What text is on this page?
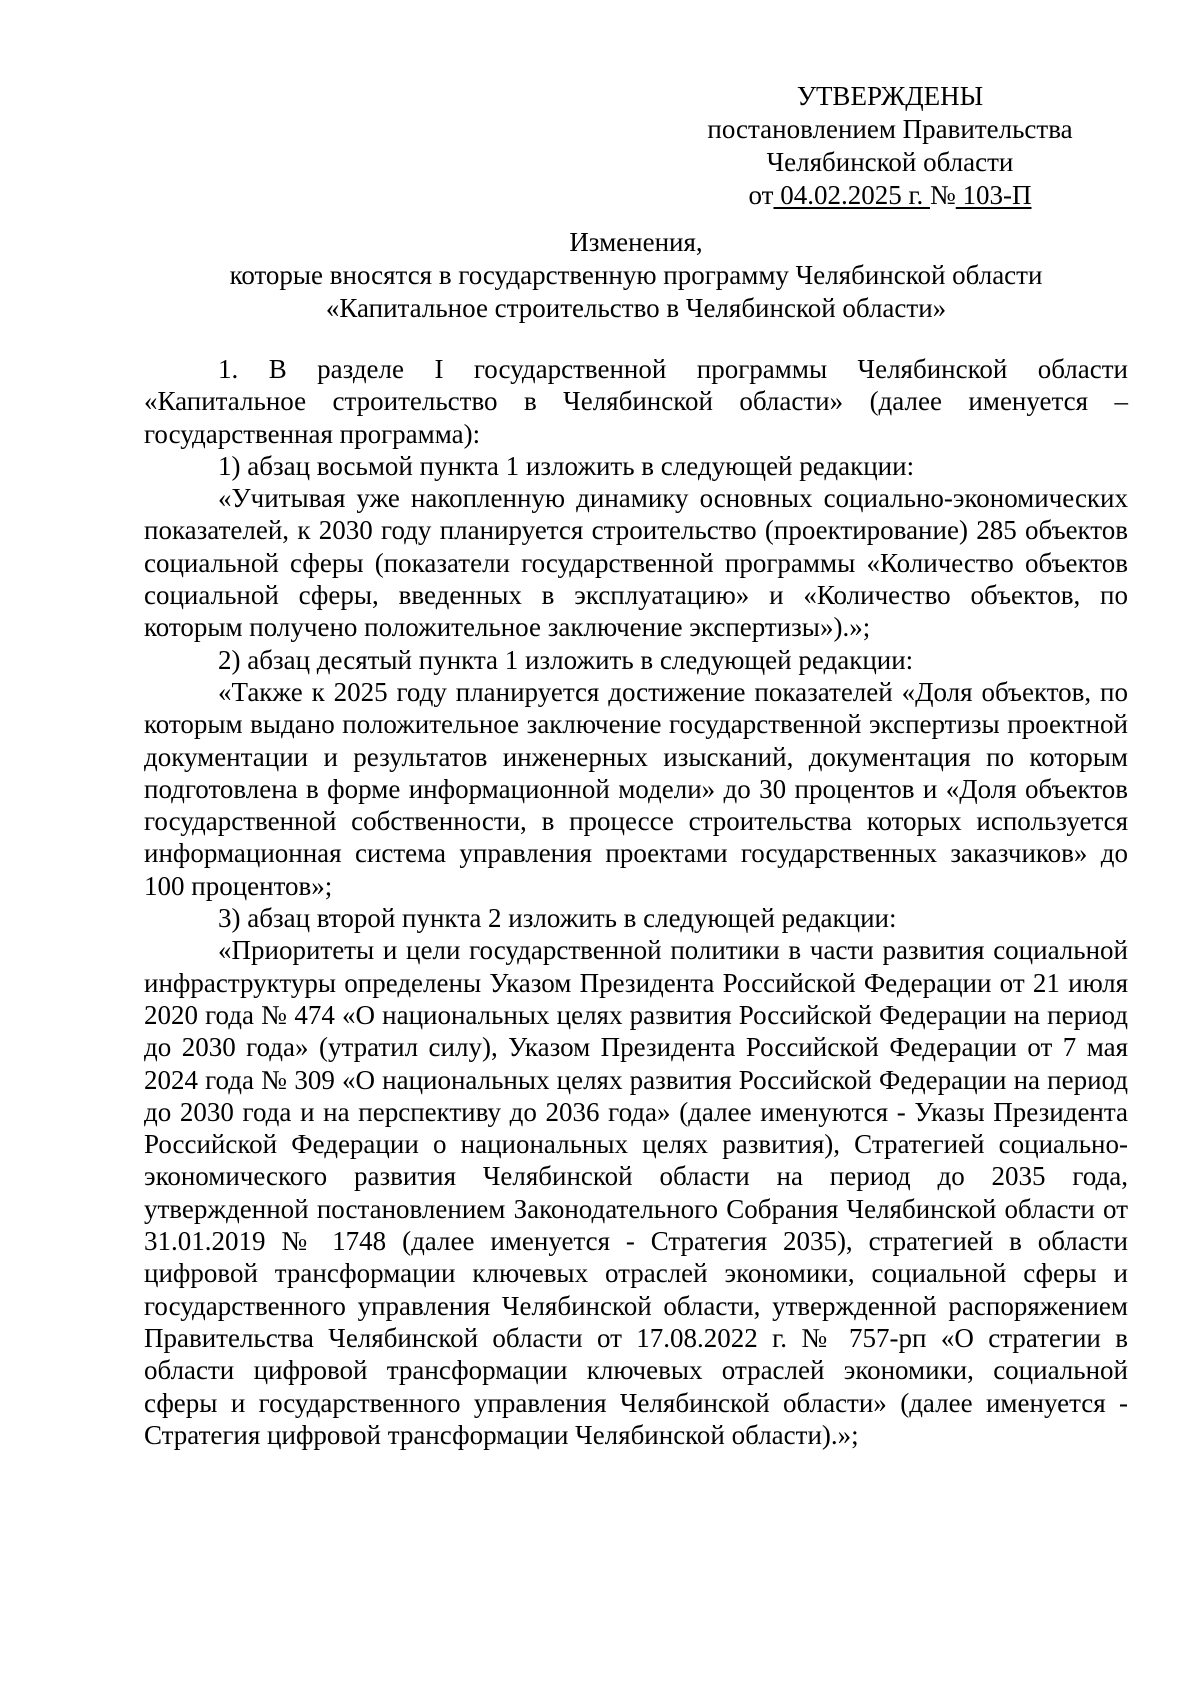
УТВЕРЖДЕНЫ
постановлением Правительства
Челябинской области
от 04.02.2025 г. № 103-П
Изменения,
которые вносятся в государственную программу Челябинской области
«Капитальное строительство в Челябинской области»

1. В разделе I государственной программы Челябинской области «Капитальное строительство в Челябинской области» (далее именуется – государственная программа):

1) абзац восьмой пункта 1 изложить в следующей редакции:

«Учитывая уже накопленную динамику основных социально-экономических показателей, к 2030 году планируется строительство (проектирование) 285 объектов социальной сферы (показатели государственной программы «Количество объектов социальной сферы, введенных в эксплуатацию» и «Количество объектов, по которым получено положительное заключение экспертизы»).»;

2) абзац десятый пункта 1 изложить в следующей редакции:

«Также к 2025 году планируется достижение показателей «Доля объектов, по которым выдано положительное заключение государственной экспертизы проектной документации и результатов инженерных изысканий, документация по которым подготовлена в форме информационной модели» до 30 процентов и «Доля объектов государственной собственности, в процессе строительства которых используется информационная система управления проектами государственных заказчиков» до 100 процентов»;

3) абзац второй пункта 2 изложить в следующей редакции:

«Приоритеты и цели государственной политики в части развития социальной инфраструктуры определены Указом Президента Российской Федерации от 21 июля 2020 года № 474 «О национальных целях развития Российской Федерации на период до 2030 года» (утратил силу), Указом Президента Российской Федерации от 7 мая 2024 года № 309 «О национальных целях развития Российской Федерации на период до 2030 года и на перспективу до 2036 года» (далее именуются - Указы Президента Российской Федерации о национальных целях развития), Стратегией социально-экономического развития Челябинской области на период до 2035 года, утвержденной постановлением Законодательного Собрания Челябинской области от 31.01.2019 № 1748 (далее именуется - Стратегия 2035), стратегией в области цифровой трансформации ключевых отраслей экономики, социальной сферы и государственного управления Челябинской области, утвержденной распоряжением Правительства Челябинской области от 17.08.2022 г. № 757-рп «О стратегии в области цифровой трансформации ключевых отраслей экономики, социальной сферы и государственного управления Челябинской области» (далее именуется - Стратегия цифровой трансформации Челябинской области).»;
